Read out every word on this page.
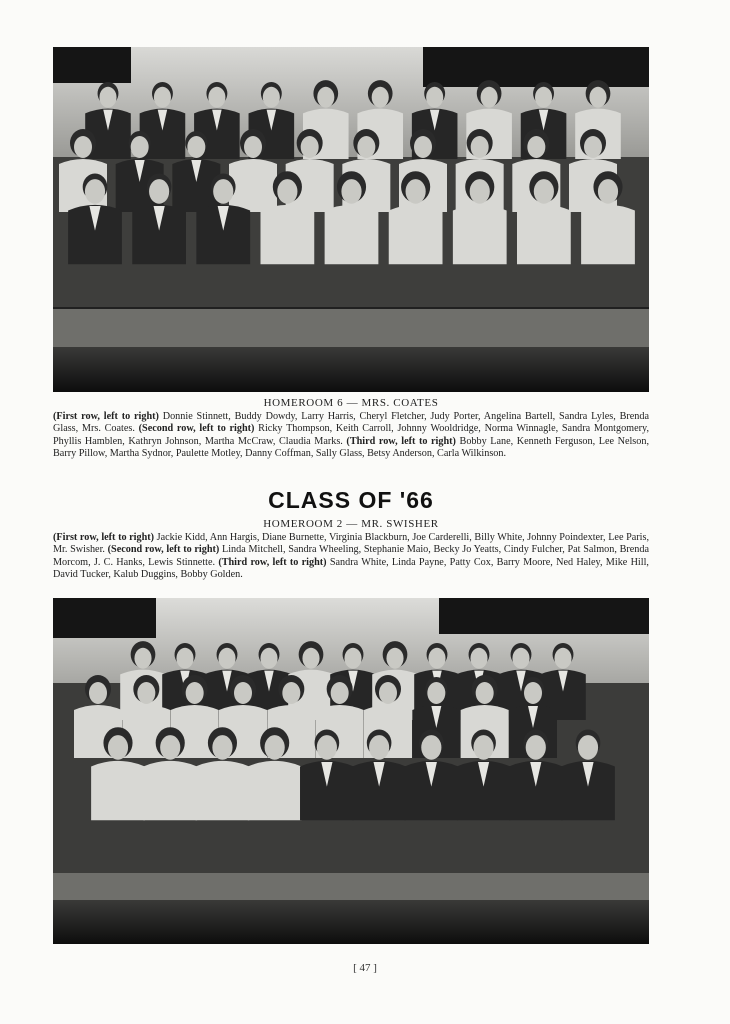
HOMEROOM 6 — MRS. COATES
(First row, left to right) Donnie Stinnett, Buddy Dowdy, Larry Harris, Cheryl Fletcher, Judy Porter, Angelina Bartell, Sandra Lyles, Brenda Glass, Mrs. Coates. (Second row, left to right) Ricky Thompson, Keith Carroll, Johnny Wooldridge, Norma Winnagle, Sandra Montgomery, Phyllis Hamblen, Kathryn Johnson, Martha McCraw, Claudia Marks. (Third row, left to right) Bobby Lane, Kenneth Ferguson, Lee Nelson, Barry Pillow, Martha Sydnor, Paulette Motley, Danny Coffman, Sally Glass, Betsy Anderson, Carla Wilkinson.
CLASS OF '66
HOMEROOM 2 — MR. SWISHER
(First row, left to right) Jackie Kidd, Ann Hargis, Diane Burnette, Virginia Blackburn, Joe Carderelli, Billy White, Johnny Poindexter, Lee Paris, Mr. Swisher. (Second row, left to right) Linda Mitchell, Sandra Wheeling, Stephanie Maio, Becky Jo Yeatts, Cindy Fulcher, Pat Salmon, Brenda Morcom, J. C. Hanks, Lewis Stinnette. (Third row, left to right) Sandra White, Linda Payne, Patty Cox, Barry Moore, Ned Haley, Mike Hill, David Tucker, Kalub Duggins, Bobby Golden.
[ 47 ]
